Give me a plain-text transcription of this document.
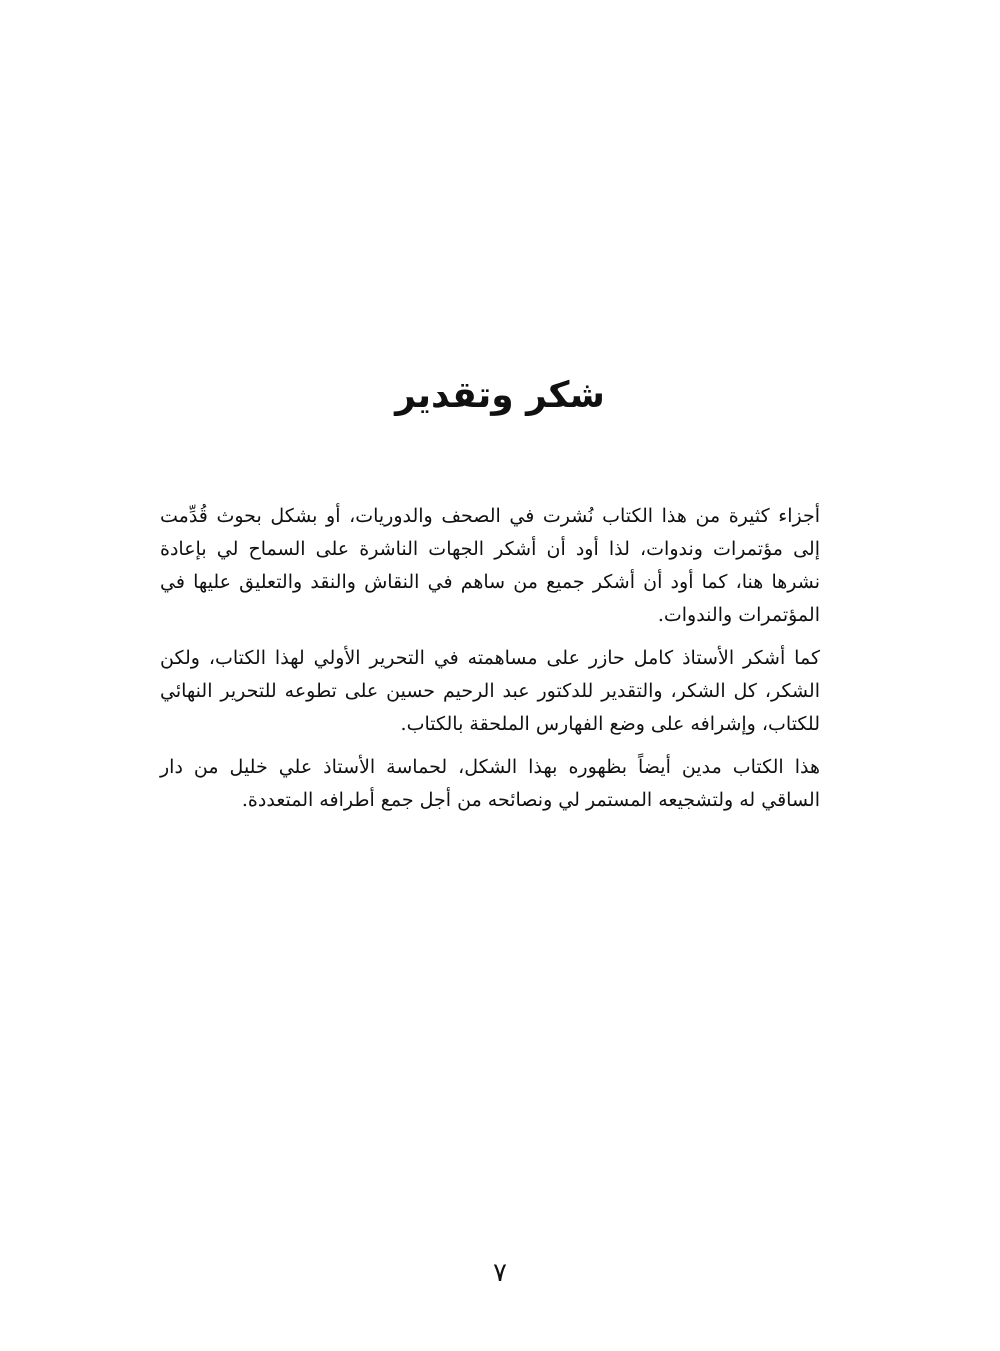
شكر وتقدير

أجزاء كثيرة من هذا الكتاب نُشرت في الصحف والدوريات، أو بشكل بحوث قُدِّمت إلى مؤتمرات وندوات، لذا أود أن أشكر الجهات الناشرة على السماح لي بإعادة نشرها هنا، كما أود أن أشكر جميع من ساهم في النقاش والنقد والتعليق عليها في المؤتمرات والندوات.

كما أشكر الأستاذ كامل حازر على مساهمته في التحرير الأولي لهذا الكتاب، ولكن الشكر، كل الشكر، والتقدير للدكتور عبد الرحيم حسين على تطوعه للتحرير النهائي للكتاب، وإشرافه على وضع الفهارس الملحقة بالكتاب.

هذا الكتاب مدين أيضاً بظهوره بهذا الشكل، لحماسة الأستاذ علي خليل من دار الساقي له ولتشجيعه المستمر لي ونصائحه من أجل جمع أطرافه المتعددة.

٧
